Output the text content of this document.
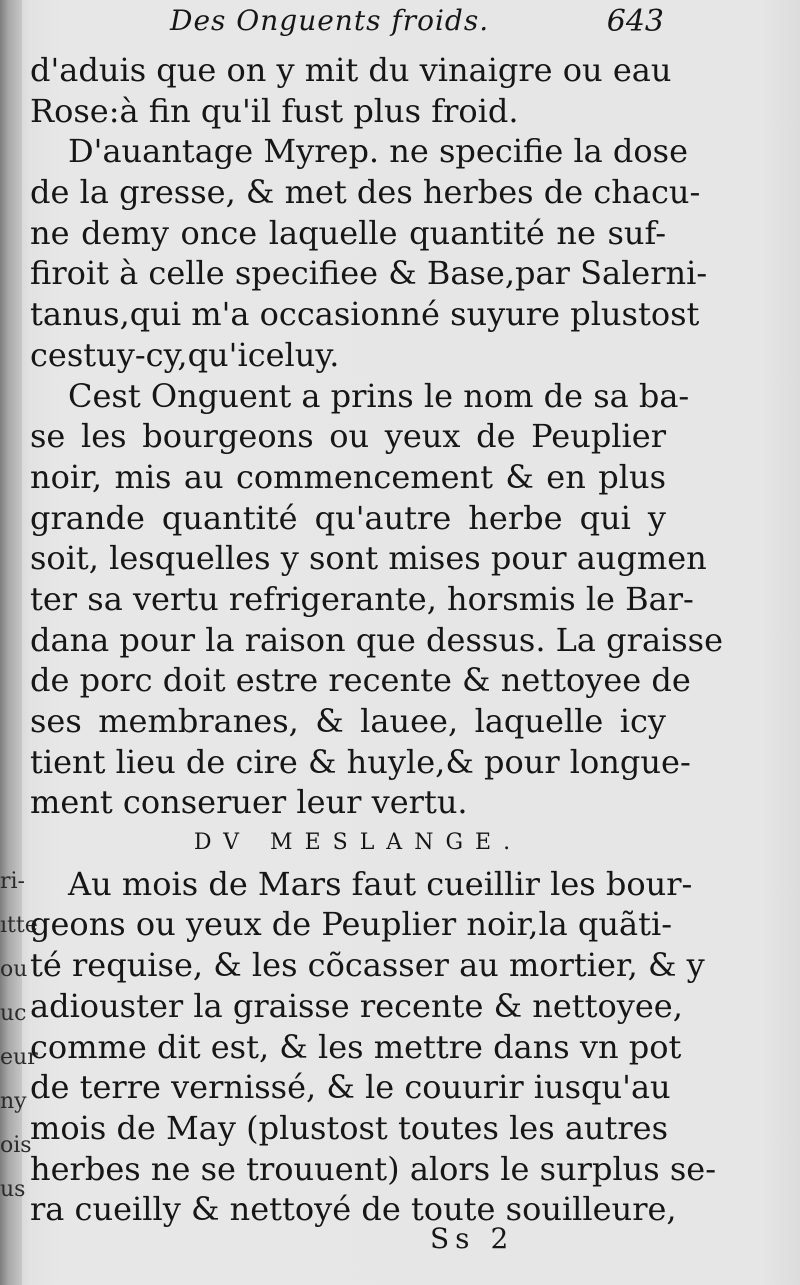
ri-
ıtte
ou
uc
eur
ny
ois
us
Des Onguents froids.	643
d'aduis que on y mit du vinaigre ou eau
Rose:à fin qu'il fust plus froid.
D'auantage Myrep. ne specifie la dose
de la gresse, & met des herbes de chacu-
ne demy once laquelle quantité ne suf-
firoit à celle specifiee & Base,par Salerni-
tanus,qui m'a occasionné suyure plustost
cestuy-cy,qu'iceluy.
Cest Onguent a prins le nom de sa ba-
se les bourgeons ou yeux de Peuplier
noir, mis au commencement & en plus
grande quantité qu'autre herbe qui y
soit, lesquelles y sont mises pour augmen
ter sa vertu refrigerante, horsmis le Bar-
dana pour la raison que dessus. La graisse
de porc doit estre recente & nettoyee de
ses membranes, & lauee, laquelle icy
tient lieu de cire & huyle,& pour longue-
ment conseruer leur vertu.
DV MESLANGE.
Au mois de Mars faut cueillir les bour-
geons ou yeux de Peuplier noir,la quãti-
té requise, & les cõcasser au mortier, & y
adiouster la graisse recente & nettoyee,
comme dit est, & les mettre dans vn pot
de terre vernissé, & le couurir iusqu'au
mois de May (plustost toutes les autres
herbes ne se trouuent) alors le surplus se-
ra cueilly & nettoyé de toute souilleure,
Ss 2
